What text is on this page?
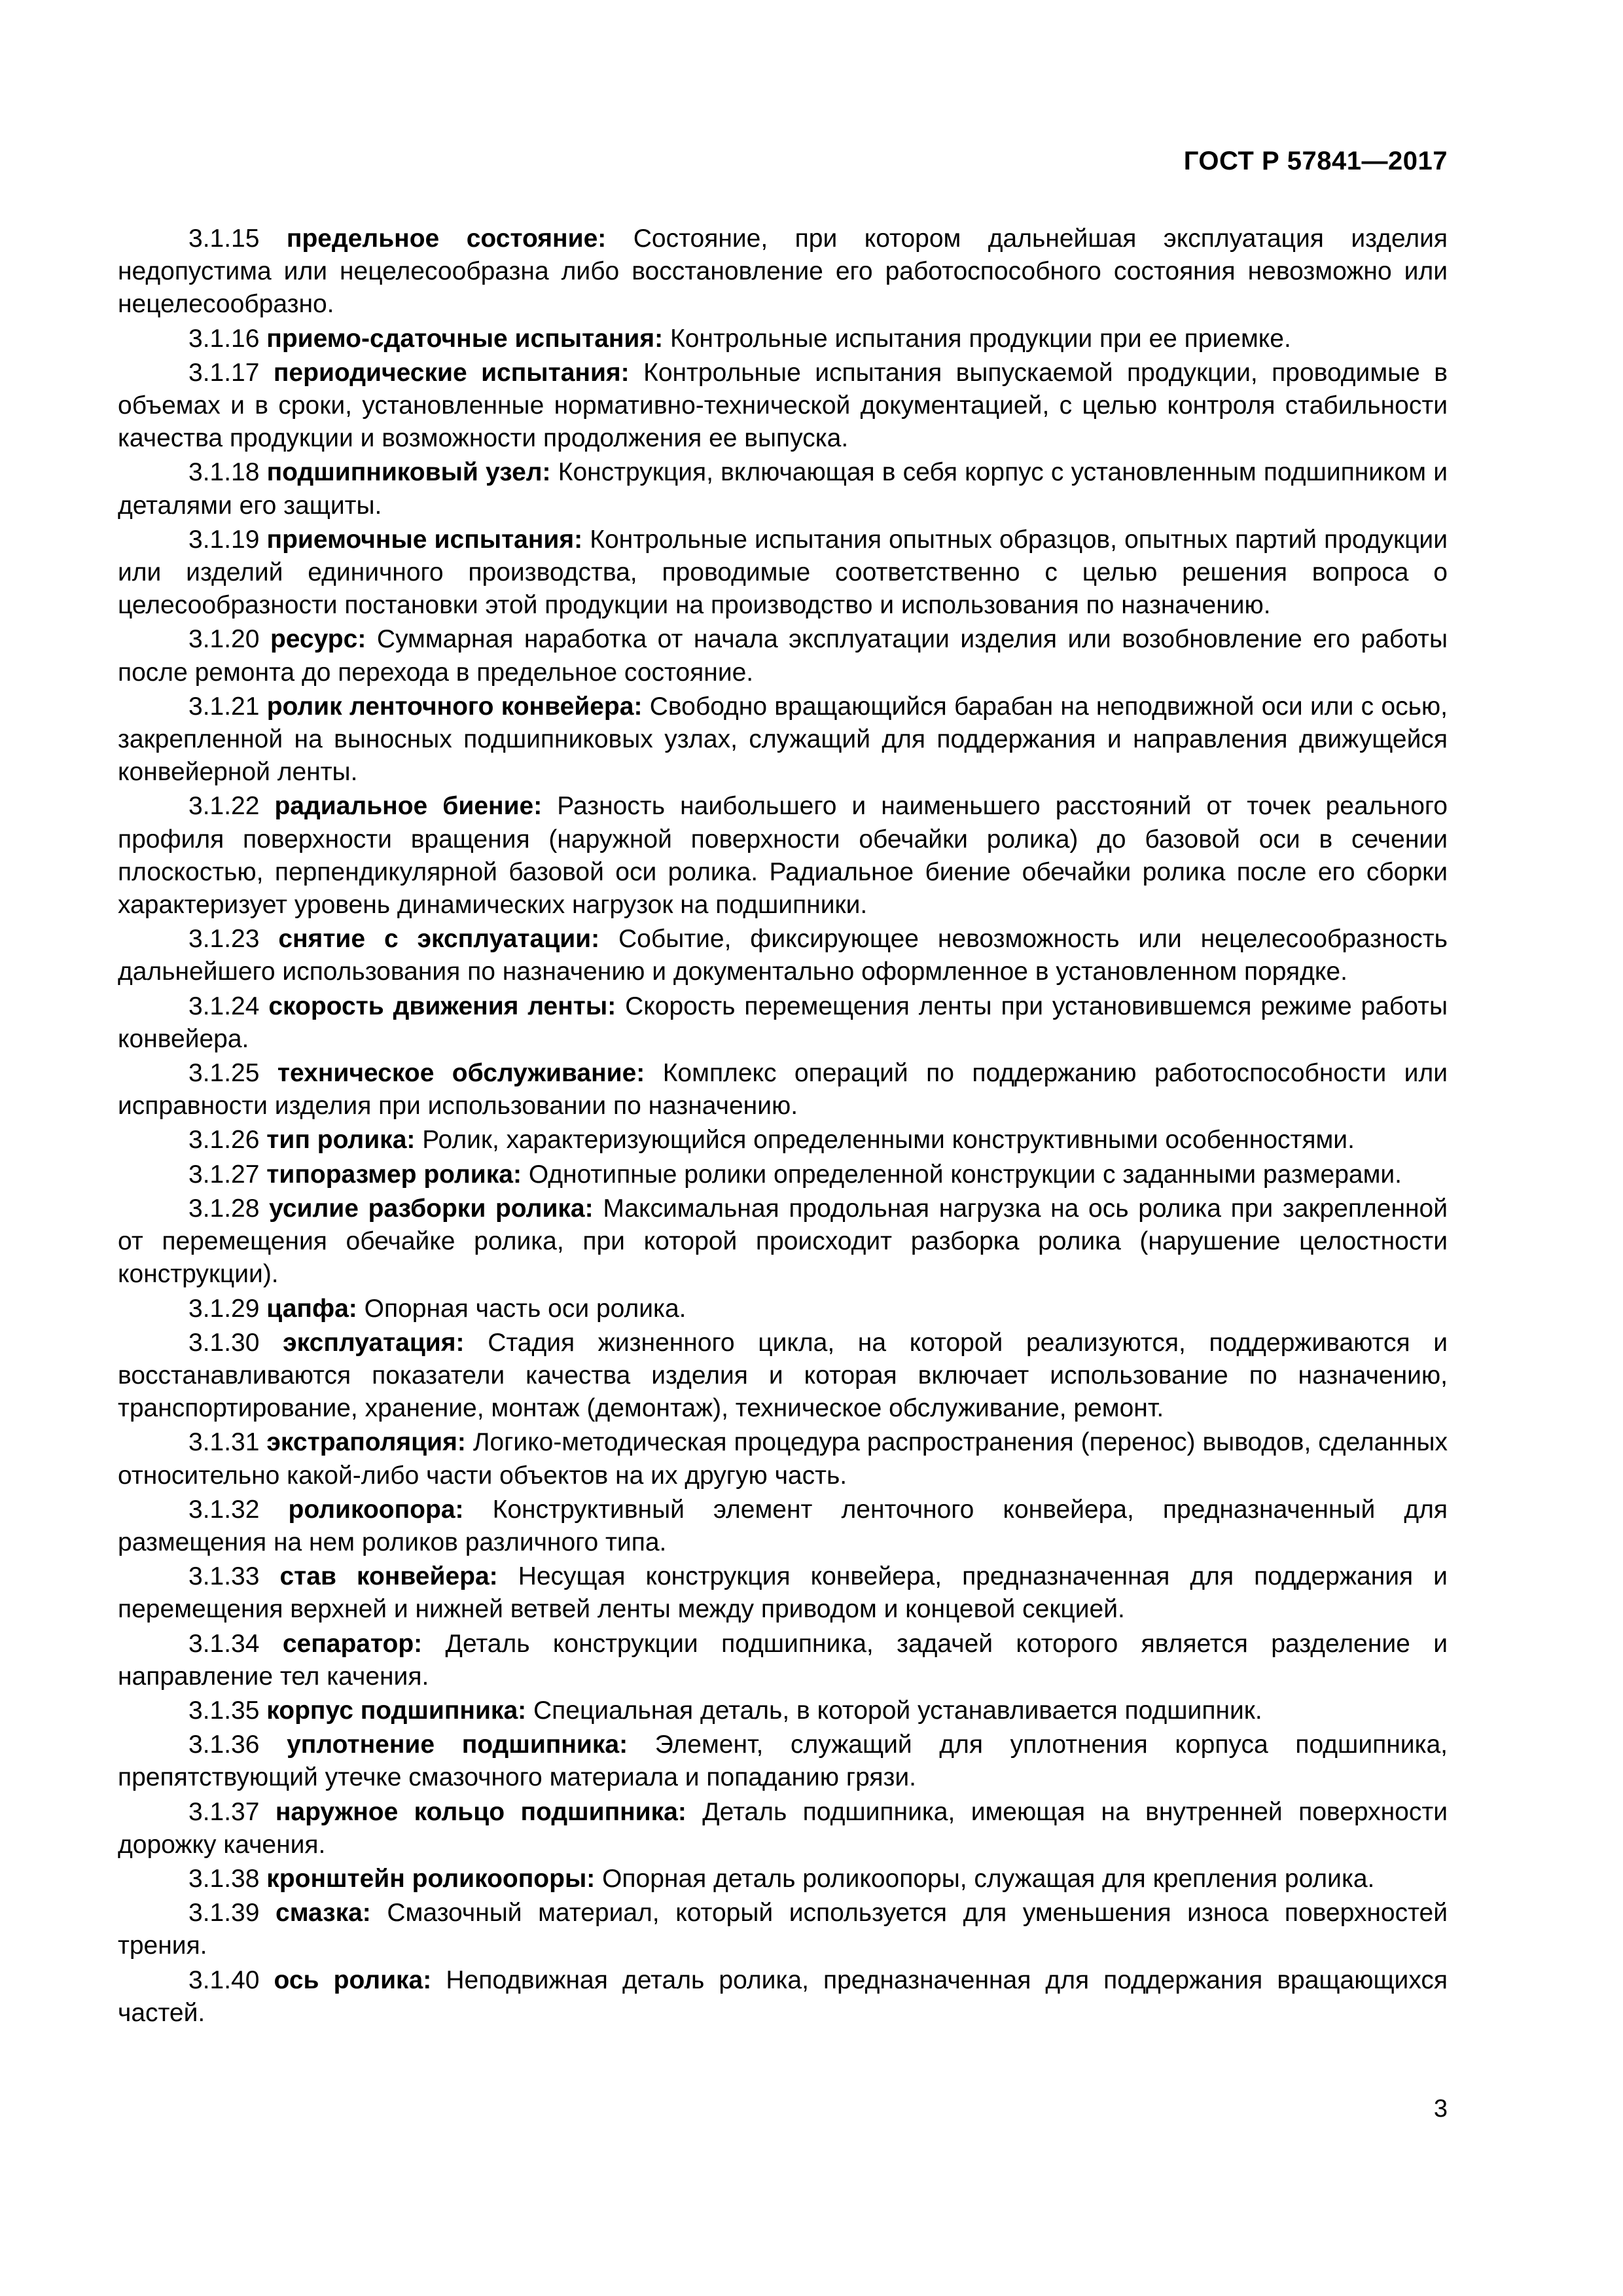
ГОСТ Р 57841—2017

3.1.15 предельное состояние: Состояние, при котором дальнейшая эксплуатация изделия недопустима или нецелесообразна либо восстановление его работоспособного состояния невозможно или нецелесообразно.

3.1.16 приемо-сдаточные испытания: Контрольные испытания продукции при ее приемке.

3.1.17 периодические испытания: Контрольные испытания выпускаемой продукции, проводимые в объемах и в сроки, установленные нормативно-технической документацией, с целью контроля стабильности качества продукции и возможности продолжения ее выпуска.

3.1.18 подшипниковый узел: Конструкция, включающая в себя корпус с установленным подшипником и деталями его защиты.

3.1.19 приемочные испытания: Контрольные испытания опытных образцов, опытных партий продукции или изделий единичного производства, проводимые соответственно с целью решения вопроса о целесообразности постановки этой продукции на производство и использования по назначению.

3.1.20 ресурс: Суммарная наработка от начала эксплуатации изделия или возобновление его работы после ремонта до перехода в предельное состояние.

3.1.21 ролик ленточного конвейера: Свободно вращающийся барабан на неподвижной оси или с осью, закрепленной на выносных подшипниковых узлах, служащий для поддержания и направления движущейся конвейерной ленты.

3.1.22 радиальное биение: Разность наибольшего и наименьшего расстояний от точек реального профиля поверхности вращения (наружной поверхности обечайки ролика) до базовой оси в сечении плоскостью, перпендикулярной базовой оси ролика. Радиальное биение обечайки ролика после его сборки характеризует уровень динамических нагрузок на подшипники.

3.1.23 снятие с эксплуатации: Событие, фиксирующее невозможность или нецелесообразность дальнейшего использования по назначению и документально оформленное в установленном порядке.

3.1.24 скорость движения ленты: Скорость перемещения ленты при установившемся режиме работы конвейера.

3.1.25 техническое обслуживание: Комплекс операций по поддержанию работоспособности или исправности изделия при использовании по назначению.

3.1.26 тип ролика: Ролик, характеризующийся определенными конструктивными особенностями.

3.1.27 типоразмер ролика: Однотипные ролики определенной конструкции с заданными размерами.

3.1.28 усилие разборки ролика: Максимальная продольная нагрузка на ось ролика при закрепленной от перемещения обечайке ролика, при которой происходит разборка ролика (нарушение целостности конструкции).

3.1.29 цапфа: Опорная часть оси ролика.

3.1.30 эксплуатация: Стадия жизненного цикла, на которой реализуются, поддерживаются и восстанавливаются показатели качества изделия и которая включает использование по назначению, транспортирование, хранение, монтаж (демонтаж), техническое обслуживание, ремонт.

3.1.31 экстраполяция: Логико-методическая процедура распространения (перенос) выводов, сделанных относительно какой-либо части объектов на их другую часть.

3.1.32 роликоопора: Конструктивный элемент ленточного конвейера, предназначенный для размещения на нем роликов различного типа.

3.1.33 став конвейера: Несущая конструкция конвейера, предназначенная для поддержания и перемещения верхней и нижней ветвей ленты между приводом и концевой секцией.

3.1.34 сепаратор: Деталь конструкции подшипника, задачей которого является разделение и направление тел качения.

3.1.35 корпус подшипника: Специальная деталь, в которой устанавливается подшипник.

3.1.36 уплотнение подшипника: Элемент, служащий для уплотнения корпуса подшипника, препятствующий утечке смазочного материала и попаданию грязи.

3.1.37 наружное кольцо подшипника: Деталь подшипника, имеющая на внутренней поверхности дорожку качения.

3.1.38 кронштейн роликоопоры: Опорная деталь роликоопоры, служащая для крепления ролика.

3.1.39 смазка: Смазочный материал, который используется для уменьшения износа поверхностей трения.

3.1.40 ось ролика: Неподвижная деталь ролика, предназначенная для поддержания вращающихся частей.

3
